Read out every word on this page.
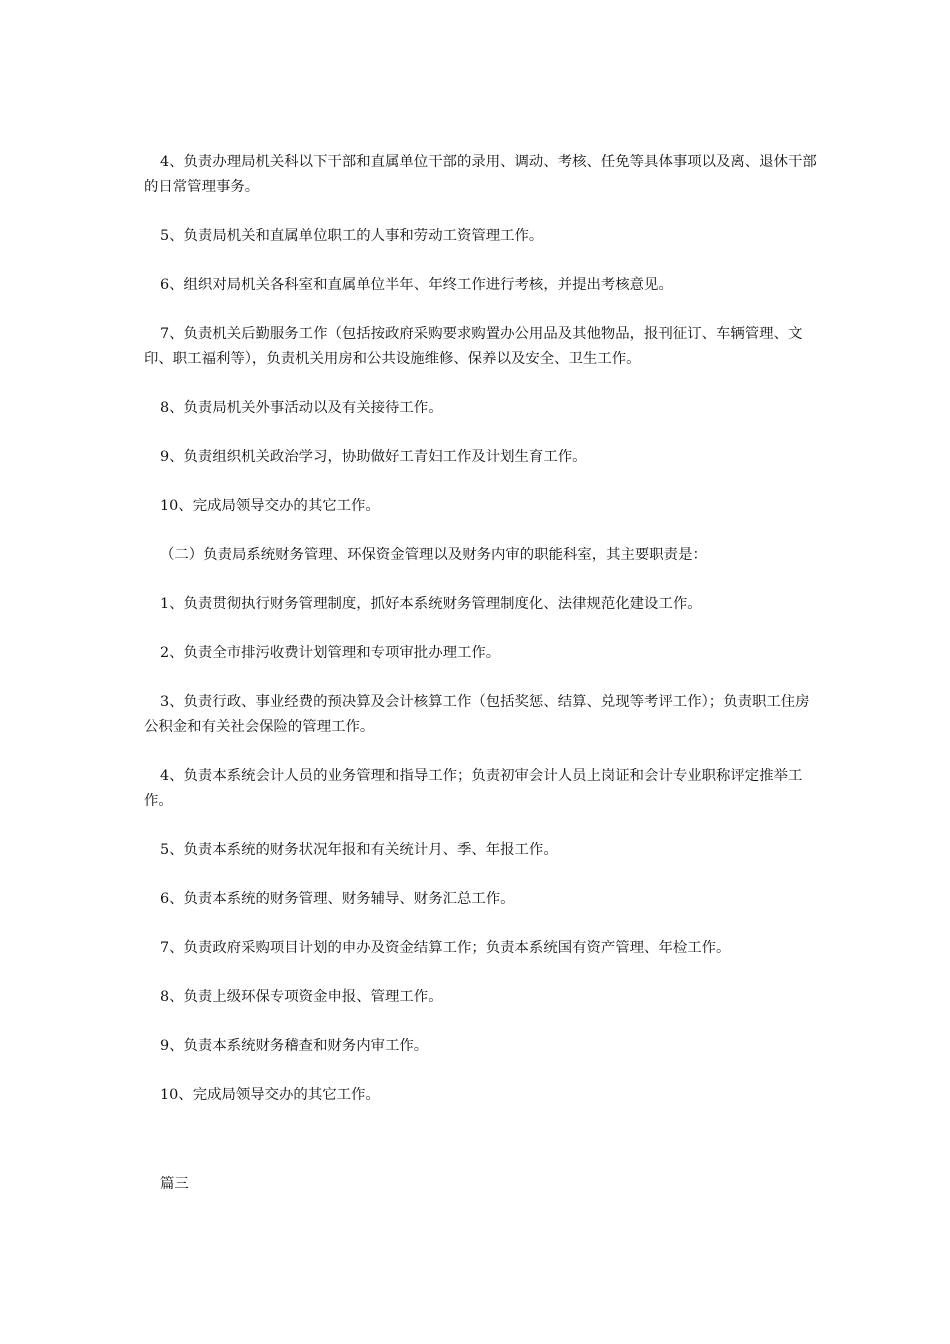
4、负责办理局机关科以下干部和直属单位干部的录用、调动、考核、任免等具体事项以及离、退休干部的日常管理事务。

5、负责局机关和直属单位职工的人事和劳动工资管理工作。

6、组织对局机关各科室和直属单位半年、年终工作进行考核，并提出考核意见。

7、负责机关后勤服务工作（包括按政府采购要求购置办公用品及其他物品，报刊征订、车辆管理、文印、职工福利等），负责机关用房和公共设施维修、保养以及安全、卫生工作。

8、负责局机关外事活动以及有关接待工作。

9、负责组织机关政治学习，协助做好工青妇工作及计划生育工作。

10、完成局领导交办的其它工作。

（二）负责局系统财务管理、环保资金管理以及财务内审的职能科室，其主要职责是：

1、负责贯彻执行财务管理制度，抓好本系统财务管理制度化、法律规范化建设工作。

2、负责全市排污收费计划管理和专项审批办理工作。

3、负责行政、事业经费的预决算及会计核算工作（包括奖惩、结算、兑现等考评工作）；负责职工住房公积金和有关社会保险的管理工作。

4、负责本系统会计人员的业务管理和指导工作；负责初审会计人员上岗证和会计专业职称评定推举工作。

5、负责本系统的财务状况年报和有关统计月、季、年报工作。

6、负责本系统的财务管理、财务辅导、财务汇总工作。

7、负责政府采购项目计划的申办及资金结算工作；负责本系统国有资产管理、年检工作。

8、负责上级环保专项资金申报、管理工作。

9、负责本系统财务稽查和财务内审工作。

10、完成局领导交办的其它工作。

篇三
